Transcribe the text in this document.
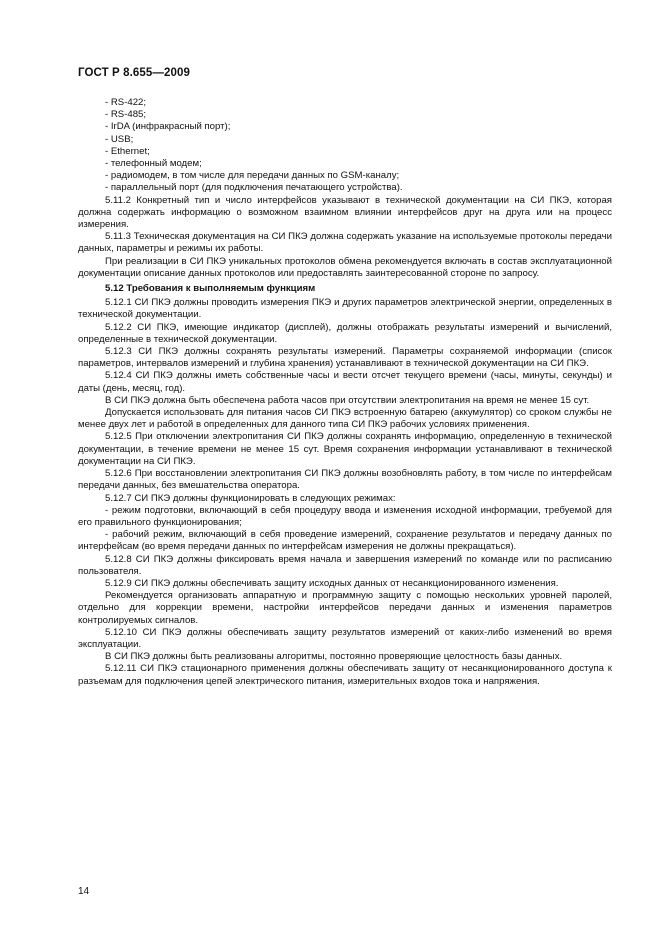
ГОСТ Р 8.655—2009

- RS-422;

- RS-485;

- IrDA (инфракрасный порт);

- USB;

- Ethernet;

- телефонный модем;

- радиомодем, в том числе для передачи данных по GSM-каналу;

- параллельный порт (для подключения печатающего устройства).

5.11.2 Конкретный тип и число интерфейсов указывают в технической документации на СИ ПКЭ, которая должна содержать информацию о возможном взаимном влиянии интерфейсов друг на друга или на процесс измерения.

5.11.3 Техническая документация на СИ ПКЭ должна содержать указание на используемые протоколы передачи данных, параметры и режимы их работы.

При реализации в СИ ПКЭ уникальных протоколов обмена рекомендуется включать в состав эксплуатационной документации описание данных протоколов или предоставлять заинтересованной стороне по запросу.

5.12 Требования к выполняемым функциям

5.12.1 СИ ПКЭ должны проводить измерения ПКЭ и других параметров электрической энергии, определенных в технической документации.

5.12.2 СИ ПКЭ, имеющие индикатор (дисплей), должны отображать результаты измерений и вычислений, определенные в технической документации.

5.12.3 СИ ПКЭ должны сохранять результаты измерений. Параметры сохраняемой информации (список параметров, интервалов измерений и глубина хранения) устанавливают в технической документации на СИ ПКЭ.

5.12.4 СИ ПКЭ должны иметь собственные часы и вести отсчет текущего времени (часы, минуты, секунды) и даты (день, месяц, год).

В СИ ПКЭ должна быть обеспечена работа часов при отсутствии электропитания на время не менее 15 сут.

Допускается использовать для питания часов СИ ПКЭ встроенную батарею (аккумулятор) со сроком службы не менее двух лет и работой в определенных для данного типа СИ ПКЭ рабочих условиях применения.

5.12.5 При отключении электропитания СИ ПКЭ должны сохранять информацию, определенную в технической документации, в течение времени не менее 15 сут. Время сохранения информации устанавливают в технической документации на СИ ПКЭ.

5.12.6 При восстановлении электропитания СИ ПКЭ должны возобновлять работу, в том числе по интерфейсам передачи данных, без вмешательства оператора.

5.12.7 СИ ПКЭ должны функционировать в следующих режимах:

- режим подготовки, включающий в себя процедуру ввода и изменения исходной информации, требуемой для его правильного функционирования;

- рабочий режим, включающий в себя проведение измерений, сохранение результатов и передачу данных по интерфейсам (во время передачи данных по интерфейсам измерения не должны прекращаться).

5.12.8 СИ ПКЭ должны фиксировать время начала и завершения измерений по команде или по расписанию пользователя.

5.12.9 СИ ПКЭ должны обеспечивать защиту исходных данных от несанкционированного изменения.

Рекомендуется организовать аппаратную и программную защиту с помощью нескольких уровней паролей, отдельно для коррекции времени, настройки интерфейсов передачи данных и изменения параметров контролируемых сигналов.

5.12.10 СИ ПКЭ должны обеспечивать защиту результатов измерений от каких-либо изменений во время эксплуатации.

В СИ ПКЭ должны быть реализованы алгоритмы, постоянно проверяющие целостность базы данных.

5.12.11 СИ ПКЭ стационарного применения должны обеспечивать защиту от несанкционированного доступа к разъемам для подключения цепей электрического питания, измерительных входов тока и напряжения.

14
